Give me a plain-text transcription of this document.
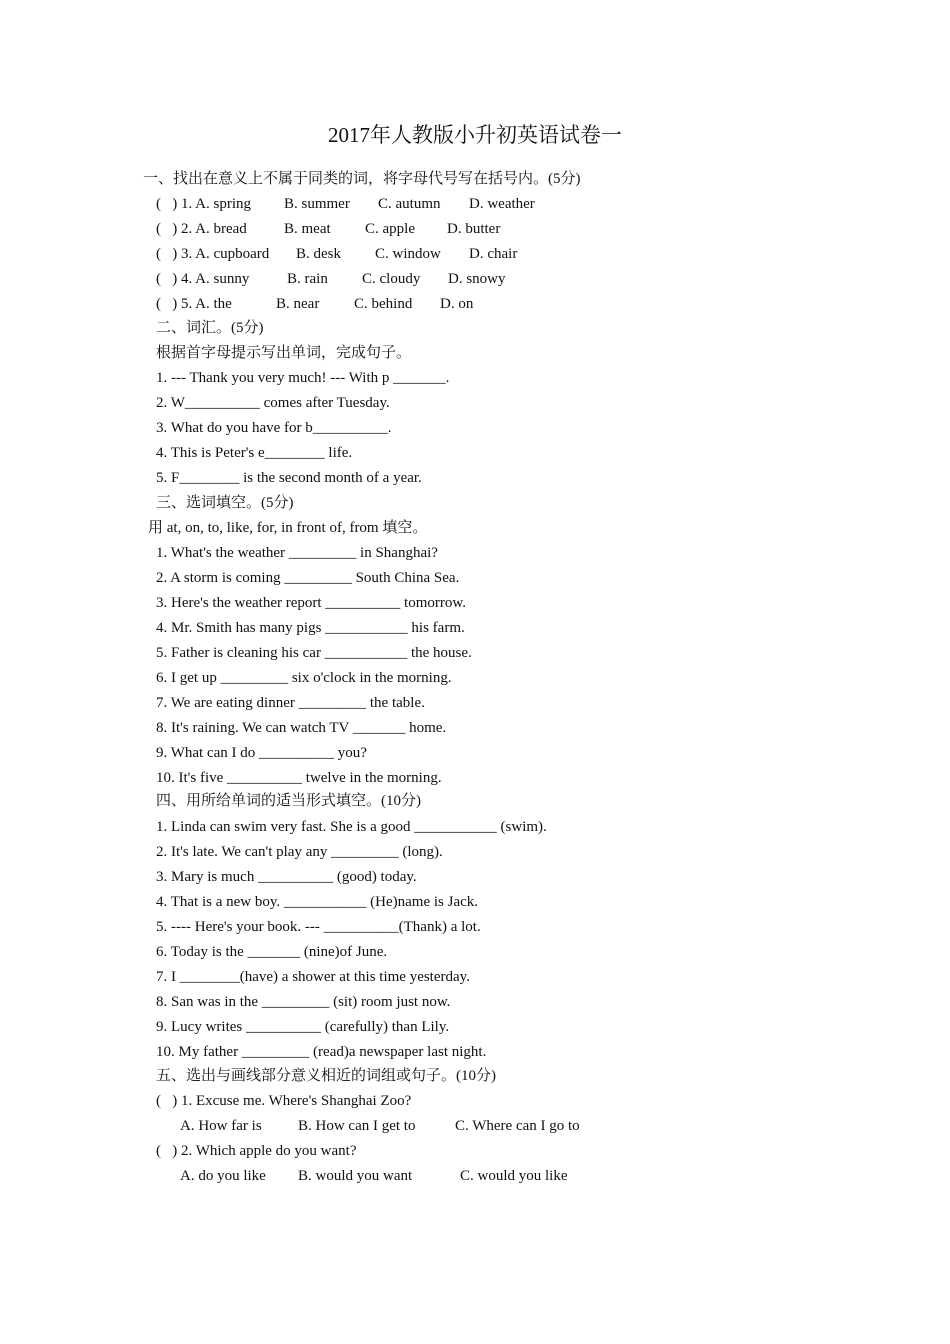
2017年人教版小升初英语试卷一
一、找出在意义上不属于同类的词，将字母代号写在括号内。(5分)
(   ) 1. A. spring B. summer C. autumn D. weather
(   ) 2. A. bread B. meat C. apple D. butter
(   ) 3. A. cupboard B. desk C. window D. chair
(   ) 4. A. sunny	B. rain C. cloudy D. snowy
(   ) 5. A. the	B. near C. behind D. on
二、词汇。(5分)
根据首字母提示写出单词，完成句子。
1. --- Thank you very much! --- With p _______.
2. W__________ comes after Tuesday.
3. What do you have for b__________.
4. This is Peter's e________ life.
5. F________ is the second month of a year.
三、选词填空。(5分)
用 at, on, to, like, for, in front of, from 填空。
1. What's the weather _________ in Shanghai?
2. A storm is coming _________ South China Sea.
3. Here's the weather report __________ tomorrow.
4. Mr. Smith has many pigs ___________ his farm.
5. Father is cleaning his car ___________ the house.
6. I get up _________ six o'clock in the morning.
7. We are eating dinner _________ the table.
8. It's raining. We can watch TV _______ home.
9. What can I do __________ you?
10. It's five __________ twelve in the morning.
四、用所给单词的适当形式填空。(10分)
1. Linda can swim very fast. She is a good ___________ (swim).
2. It's late. We can't play any _________ (long).
3. Mary is much __________ (good) today.
4. That is a new boy. ___________ (He)name is Jack.
5. ---- Here's your book. --- __________(Thank) a lot.
6. Today is the _______ (nine)of June.
7. I ________(have) a shower at this time yesterday.
8. San was in the _________ (sit) room just now.
9. Lucy writes __________ (carefully) than Lily.
10. My father _________ (read)a newspaper last night.
五、选出与画线部分意义相近的词组或句子。(10分)
(   ) 1. Excuse me. Where's Shanghai Zoo?
A. How far is B. How can I get to	C. Where can I go to
(   ) 2. Which apple do you want?
A. do you like B. would you want	C. would you like
